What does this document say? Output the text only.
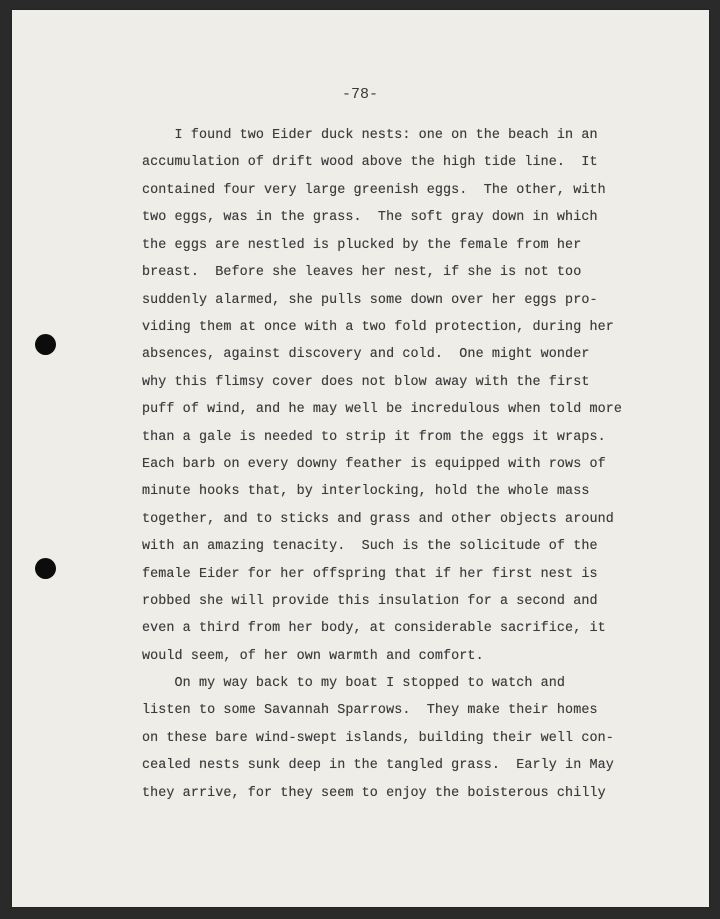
-78-
I found two Eider duck nests: one on the beach in an
accumulation of drift wood above the high tide line.  It
contained four very large greenish eggs.  The other, with
two eggs, was in the grass.  The soft gray down in which
the eggs are nestled is plucked by the female from her
breast.  Before she leaves her nest, if she is not too
suddenly alarmed, she pulls some down over her eggs pro-
viding them at once with a two fold protection, during her
absences, against discovery and cold.  One might wonder
why this flimsy cover does not blow away with the first
puff of wind, and he may well be incredulous when told more
than a gale is needed to strip it from the eggs it wraps.
Each barb on every downy feather is equipped with rows of
minute hooks that, by interlocking, hold the whole mass
together, and to sticks and grass and other objects around
with an amazing tenacity.  Such is the solicitude of the
female Eider for her offspring that if her first nest is
robbed she will provide this insulation for a second and
even a third from her body, at considerable sacrifice, it
would seem, of her own warmth and comfort.
On my way back to my boat I stopped to watch and
listen to some Savannah Sparrows.  They make their homes
on these bare wind-swept islands, building their well con-
cealed nests sunk deep in the tangled grass.  Early in May
they arrive, for they seem to enjoy the boisterous chilly
